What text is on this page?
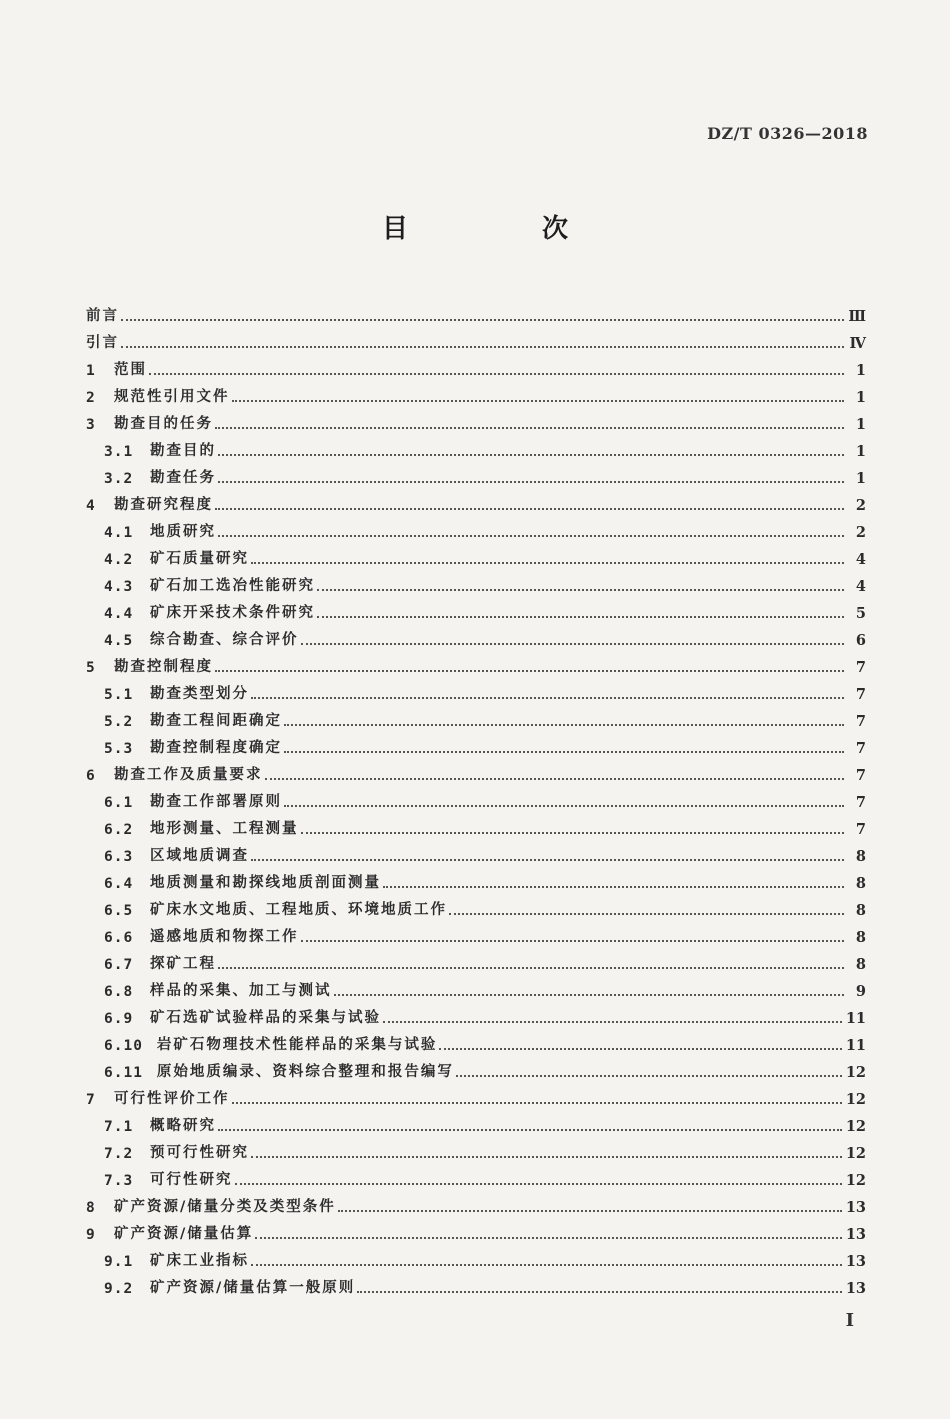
DZ/T 0326—2018
目　次
前言	Ⅲ
引言	Ⅳ
1 范围	1
2 规范性引用文件	1
3 勘查目的任务	1
3.1 勘查目的	1
3.2 勘查任务	1
4 勘查研究程度	2
4.1 地质研究	2
4.2 矿石质量研究	4
4.3 矿石加工选冶性能研究	4
4.4 矿床开采技术条件研究	5
4.5 综合勘查、综合评价	6
5 勘查控制程度	7
5.1 勘查类型划分	7
5.2 勘查工程间距确定	7
5.3 勘查控制程度确定	7
6 勘查工作及质量要求	7
6.1 勘查工作部署原则	7
6.2 地形测量、工程测量	7
6.3 区域地质调查	8
6.4 地质测量和勘探线地质剖面测量	8
6.5 矿床水文地质、工程地质、环境地质工作	8
6.6 遥感地质和物探工作	8
6.7 探矿工程	8
6.8 样品的采集、加工与测试	9
6.9 矿石选矿试验样品的采集与试验	11
6.10 岩矿石物理技术性能样品的采集与试验	11
6.11 原始地质编录、资料综合整理和报告编写	12
7 可行性评价工作	12
7.1 概略研究	12
7.2 预可行性研究	12
7.3 可行性研究	12
8 矿产资源/储量分类及类型条件	13
9 矿产资源/储量估算	13
9.1 矿床工业指标	13
9.2 矿产资源/储量估算一般原则	13
Ⅰ
